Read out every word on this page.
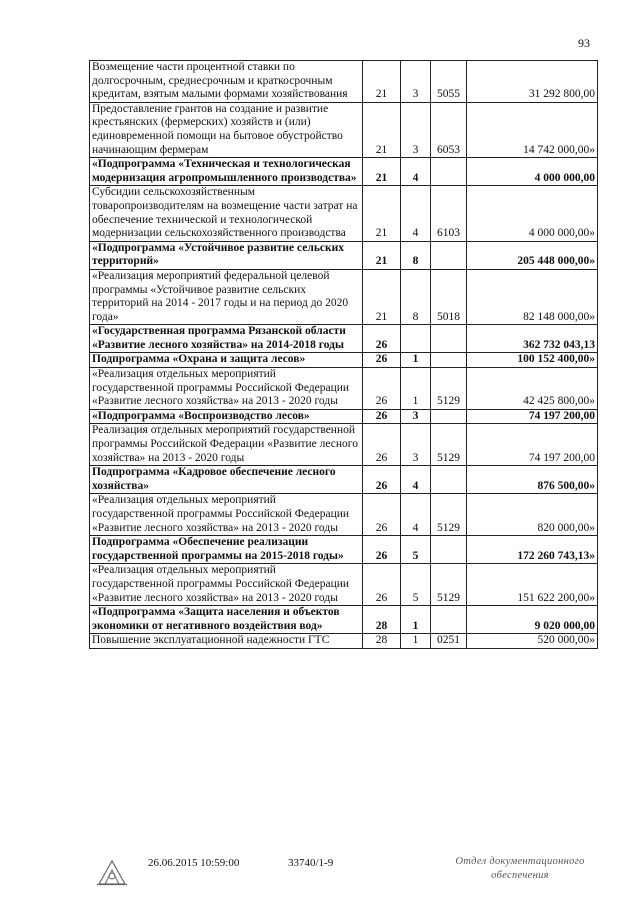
93
Возмещение части процентной ставки по долгосрочным, среднесрочным и краткосрочным кредитам, взятым малыми формами хозяйствования	21	3	5055	31 292 800,00
Предоставление грантов на создание и развитие крестьянских (фермерских) хозяйств и (или) единовременной помощи на бытовое обустройство начинающим фермерам	21	3	6053	14 742 000,00»
«Подпрограмма «Техническая и технологическая модернизация агропромышленного производства»	21	4		4 000 000,00
Субсидии сельскохозяйственным товаропроизводителям на возмещение части затрат на обеспечение технической и технологической модернизации сельскохозяйственного производства	21	4	6103	4 000 000,00»
«Подпрограмма «Устойчивое развитие сельских территорий»	21	8		205 448 000,00»
«Реализация мероприятий федеральной целевой программы «Устойчивое развитие сельских территорий на 2014 - 2017 годы и на период до 2020 года»	21	8	5018	82 148 000,00»
«Государственная программа Рязанской области «Развитие лесного хозяйства» на 2014-2018 годы	26			362 732 043,13
Подпрограмма «Охрана и защита лесов»	26	1		100 152 400,00»
«Реализация отдельных мероприятий государственной программы Российской Федерации «Развитие лесного хозяйства» на 2013 - 2020 годы	26	1	5129	42 425 800,00»
«Подпрограмма «Воспроизводство лесов»	26	3		74 197 200,00
Реализация отдельных мероприятий государственной программы Российской Федерации «Развитие лесного хозяйства» на 2013 - 2020 годы	26	3	5129	74 197 200,00
Подпрограмма «Кадровое обеспечение лесного хозяйства»	26	4		876 500,00»
«Реализация отдельных мероприятий государственной программы Российской Федерации «Развитие лесного хозяйства» на 2013 - 2020 годы	26	4	5129	820 000,00»
Подпрограмма «Обеспечение реализации государственной программы на 2015-2018 годы»	26	5		172 260 743,13»
«Реализация отдельных мероприятий государственной программы Российской Федерации «Развитие лесного хозяйства» на 2013 - 2020 годы	26	5	5129	151 622 200,00»
«Подпрограмма «Защита населения и объектов экономики от негативного воздействия вод»	28	1		9 020 000,00
Повышение эксплуатационной надежности ГТС	28	1	0251	520 000,00»
26.06.2015 10:59:00	33740/1-9	Отдел документационного
обеспечения
